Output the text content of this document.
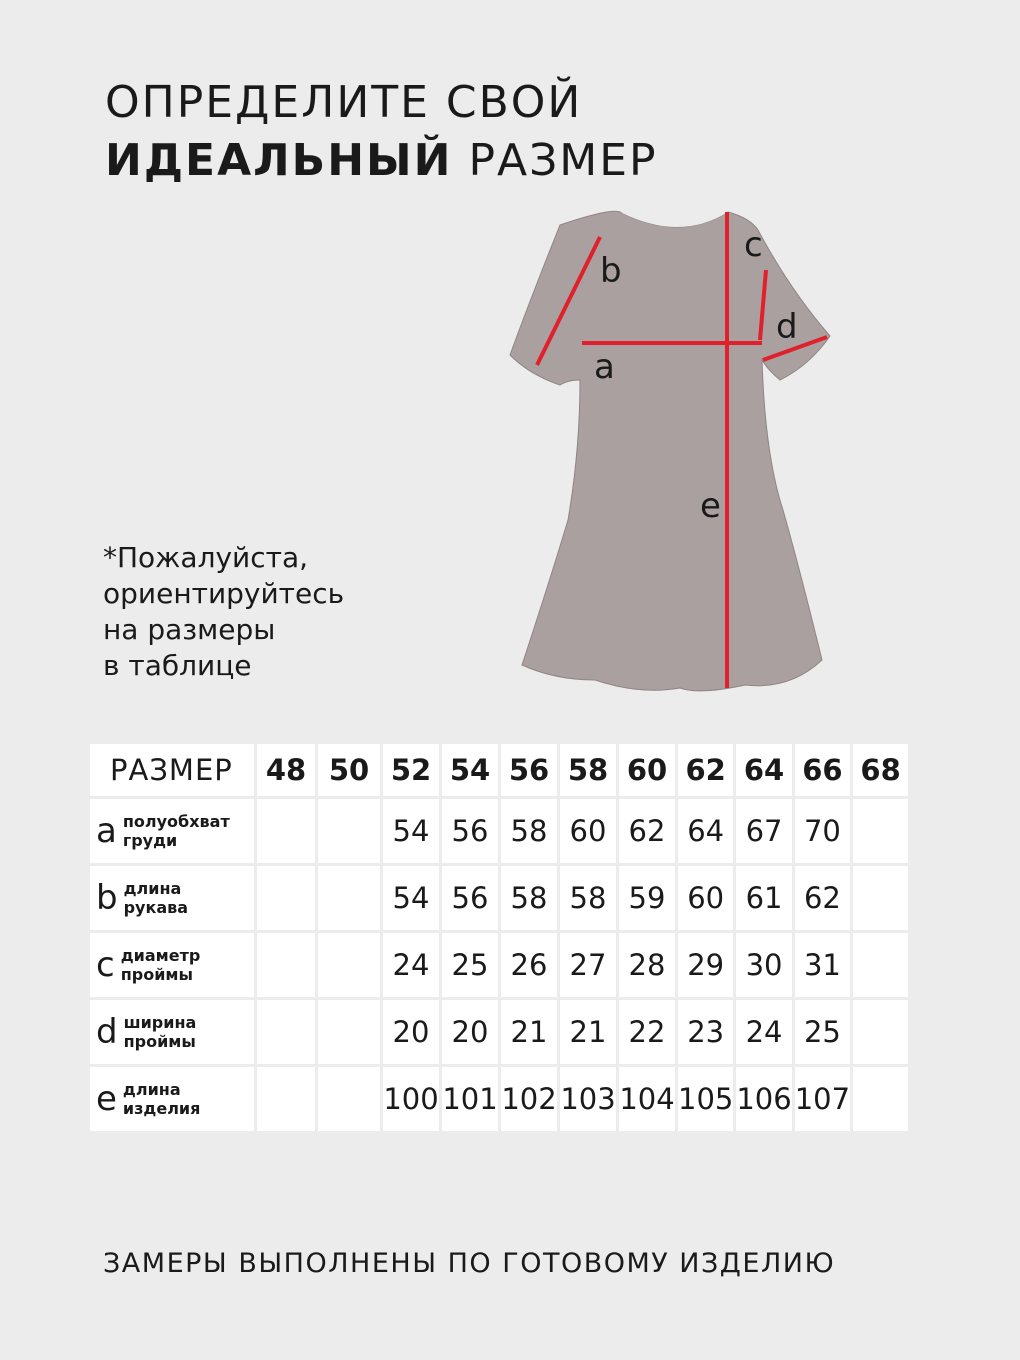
ОПРЕДЕЛИТЕ СВОЙ
ИДЕАЛЬНЫЙ РАЗМЕР
*Пожалуйста,
ориентируйтесь
на размеры
в таблице
a
b
c
d
e
РАЗМЕР	48	50	52	54	56	58	60	62	64	66	68

a полуобхват
груди			54	56	58	60	62	64	67	70	

b длина
рукава			54	56	58	58	59	60	61	62	

c диаметр
проймы			24	25	26	27	28	29	30	31	

d ширина
проймы			20	20	21	21	22	23	24	25	

e длина
изделия			100	101	102	103	104	105	106	107	
ЗАМЕРЫ ВЫПОЛНЕНЫ ПО ГОТОВОМУ ИЗДЕЛИЮ
